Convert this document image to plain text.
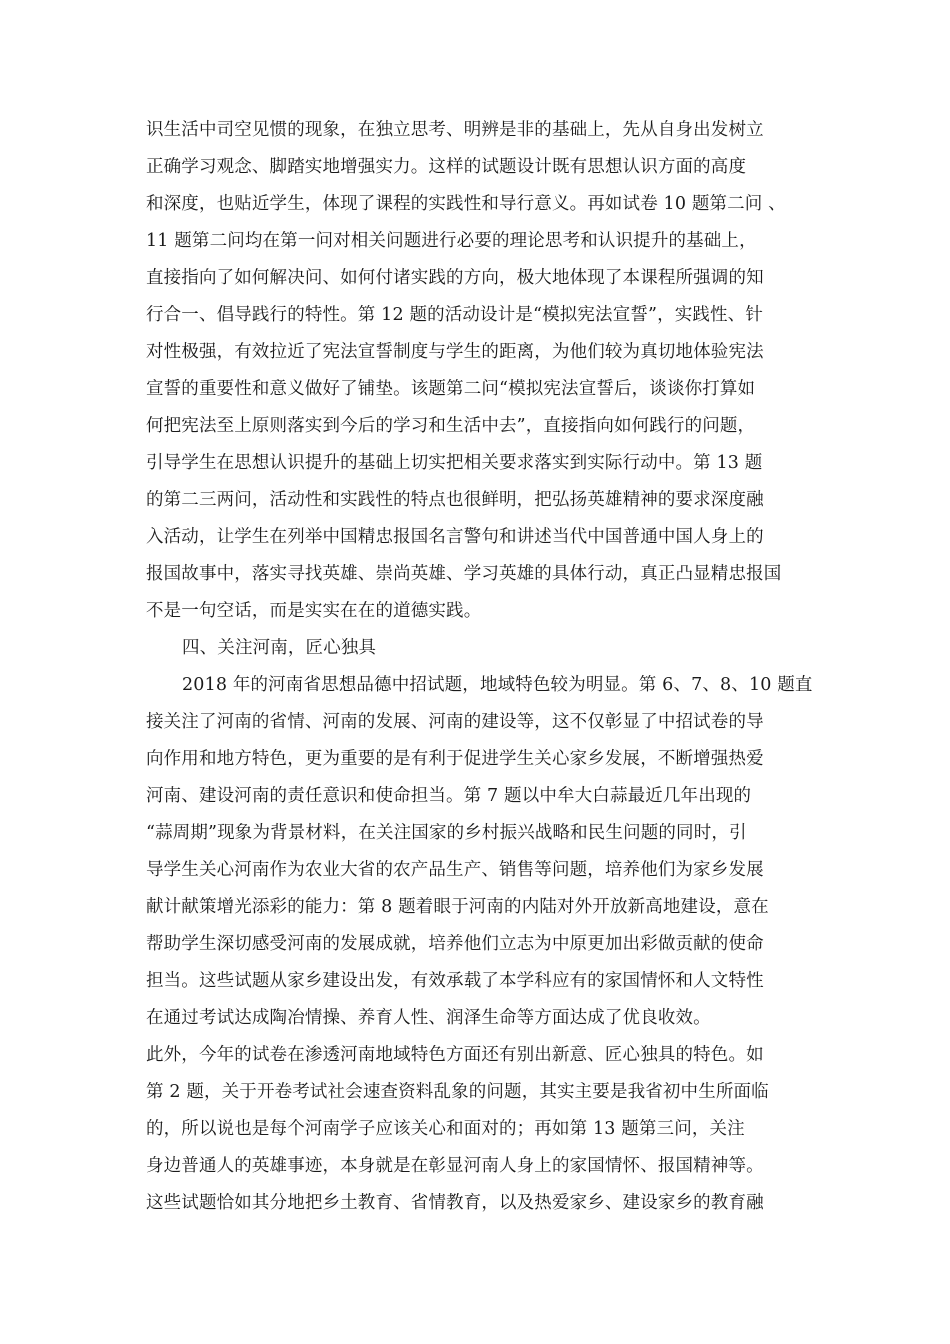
识生活中司空见惯的现象，在独立思考、明辨是非的基础上，先从自身出发树立
正确学习观念、脚踏实地增强实力。这样的试题设计既有思想认识方面的高度
和深度，也贴近学生，体现了课程的实践性和导行意义。再如试卷 10 题第二问 、
11 题第二问均在第一问对相关问题进行必要的理论思考和认识提升的基础上，
直接指向了如何解决问、如何付诸实践的方向，极大地体现了本课程所强调的知
行合一、倡导践行的特性。第 12 题的活动设计是“模拟宪法宣誓”，实践性、针
对性极强，有效拉近了宪法宣誓制度与学生的距离，为他们较为真切地体验宪法
宣誓的重要性和意义做好了铺垫。该题第二问“模拟宪法宣誓后，谈谈你打算如
何把宪法至上原则落实到今后的学习和生活中去”，直接指向如何践行的问题，
引导学生在思想认识提升的基础上切实把相关要求落实到实际行动中。第 13 题
的第二三两问，活动性和实践性的特点也很鲜明，把弘扬英雄精神的要求深度融
入活动，让学生在列举中国精忠报国名言警句和讲述当代中国普通中国人身上的
报国故事中，落实寻找英雄、崇尚英雄、学习英雄的具体行动，真正凸显精忠报国
不是一句空话，而是实实在在的道德实践。
四、关注河南，匠心独具
2018 年的河南省思想品德中招试题，地域特色较为明显。第 6、7、8、10 题直
接关注了河南的省情、河南的发展、河南的建设等，这不仅彰显了中招试卷的导
向作用和地方特色，更为重要的是有利于促进学生关心家乡发展，不断增强热爱
河南、建设河南的责任意识和使命担当。第 7 题以中牟大白蒜最近几年出现的
“蒜周期”现象为背景材料，在关注国家的乡村振兴战略和民生问题的同时，引
导学生关心河南作为农业大省的农产品生产、销售等问题，培养他们为家乡发展
献计献策增光添彩的能力：第 8 题着眼于河南的内陆对外开放新高地建设，意在
帮助学生深切感受河南的发展成就，培养他们立志为中原更加出彩做贡献的使命
担当。这些试题从家乡建设出发，有效承载了本学科应有的家国情怀和人文特性
在通过考试达成陶冶情操、养育人性、润泽生命等方面达成了优良收效。
此外，今年的试卷在渗透河南地域特色方面还有别出新意、匠心独具的特色。如
第 2 题，关于开卷考试社会速查资料乱象的问题，其实主要是我省初中生所面临
的，所以说也是每个河南学子应该关心和面对的；再如第 13 题第三问，关注
身边普通人的英雄事迹，本身就是在彰显河南人身上的家国情怀、报国精神等。
这些试题恰如其分地把乡土教育、省情教育，以及热爱家乡、建设家乡的教育融
